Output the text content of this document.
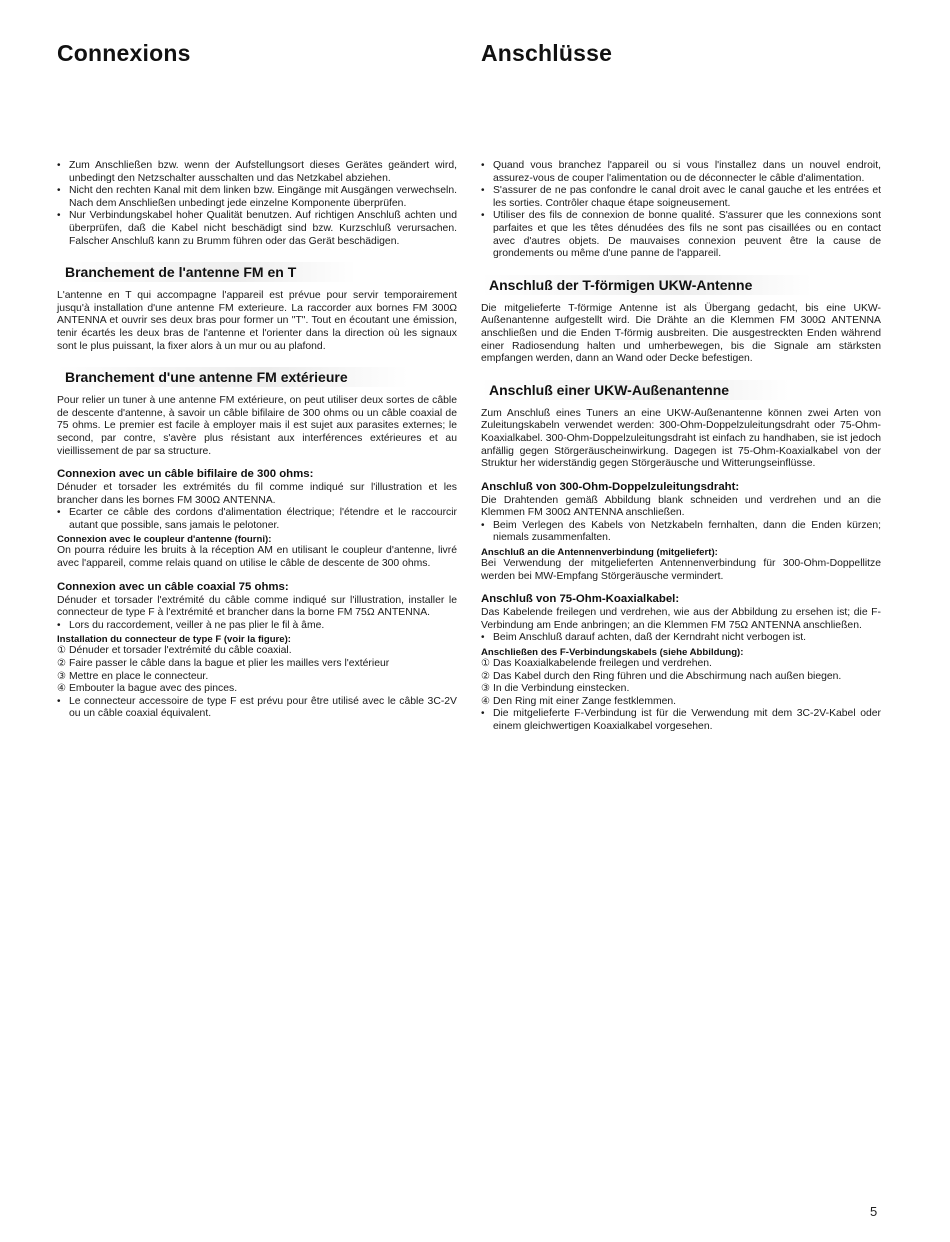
Connexions
• Zum Anschließen bzw. wenn der Aufstellungsort dieses Gerätes geändert wird, unbedingt den Netzschalter ausschalten und das Netzkabel abziehen.
• Nicht den rechten Kanal mit dem linken bzw. Eingänge mit Ausgängen verwechseln. Nach dem Anschließen unbedingt jede einzelne Komponente überprüfen.
• Nur Verbindungskabel hoher Qualität benutzen. Auf richtigen Anschluß achten und überprüfen, daß die Kabel nicht beschädigt sind bzw. Kurzschluß verursachen. Falscher Anschluß kann zu Brumm führen oder das Gerät beschädigen.
Branchement de l'antenne FM en T

L'antenne en T qui accompagne l'appareil est prévue pour servir temporairement jusqu'à installation d'une antenne FM exterieure. La raccorder aux bornes FM 300Ω ANTENNA et ouvrir ses deux bras pour former un "T". Tout en écoutant une émission, tenir écartés les deux bras de l'antenne et l'orienter dans la direction où les signaux sont le plus puissant, la fixer alors à un mur ou au plafond.

Branchement d'une antenne FM extérieure

Pour relier un tuner à une antenne FM extérieure, on peut utiliser deux sortes de câble de descente d'antenne, à savoir un câble bifilaire de 300 ohms ou un câble coaxial de 75 ohms. Le premier est facile à employer mais il est sujet aux parasites externes; le second, par contre, s'avère plus résistant aux interférences extérieures et au vieillissement de par sa structure.

Connexion avec un câble bifilaire de 300 ohms:

Dénuder et torsader les extrémités du fil comme indiqué sur l'illustration et les brancher dans les bornes FM 300Ω ANTENNA.

• Ecarter ce câble des cordons d'alimentation électrique; l'étendre et le raccourcir autant que possible, sans jamais le pelotoner.
Connexion avec le coupleur d'antenne (fourni):

On pourra réduire les bruits à la réception AM en utilisant le coupleur d'antenne, livré avec l'appareil, comme relais quand on utilise le câble de descente de 300 ohms.

Connexion avec un câble coaxial 75 ohms:

Dénuder et torsader l'extrémité du câble comme indiqué sur l'illustration, installer le connecteur de type F à l'extrémité et brancher dans la borne FM 75Ω ANTENNA.

• Lors du raccordement, veiller à ne pas plier le fil à âme.
Installation du connecteur de type F (voir la figure):
① Dénuder et torsader l'extrémité du câble coaxial.
② Faire passer le câble dans la bague et plier les mailles vers l'extérieur
③ Mettre en place le connecteur.
④ Embouter la bague avec des pinces.
• Le connecteur accessoire de type F est prévu pour être utilisé avec le câble 3C-2V ou un câble coaxial équivalent.
Anschlüsse
• Quand vous branchez l'appareil ou si vous l'installez dans un nouvel endroit, assurez-vous de couper l'alimentation ou de déconnecter le câble d'alimentation.
• S'assurer de ne pas confondre le canal droit avec le canal gauche et les entrées et les sorties. Contrôler chaque étape soigneusement.
• Utiliser des fils de connexion de bonne qualité. S'assurer que les connexions sont parfaites et que les têtes dénudées des fils ne sont pas cisaillées ou en contact avec d'autres objets. De mauvaises connexion peuvent être la cause de grondements ou même d'une panne de l'appareil.
Anschluß der T-förmigen UKW-Antenne

Die mitgelieferte T-förmige Antenne ist als Übergang gedacht, bis eine UKW-Außenantenne aufgestellt wird. Die Drähte an die Klemmen FM 300Ω ANTENNA anschließen und die Enden T-förmig ausbreiten. Die ausgestreckten Enden während einer Radiosendung halten und umherbewegen, bis die Signale am stärksten empfangen werden, dann an Wand oder Decke befestigen.

Anschluß einer UKW-Außenantenne

Zum Anschluß eines Tuners an eine UKW-Außenantenne können zwei Arten von Zuleitungskabeln verwendet werden: 300-Ohm-Doppelzuleitungsdraht oder 75-Ohm-Koaxialkabel. 300-Ohm-Doppelzuleitungsdraht ist einfach zu handhaben, sie ist jedoch anfällig gegen Störgeräuscheinwirkung. Dagegen ist 75-Ohm-Koaxialkabel von der Struktur her widerständig gegen Störgeräusche und Witterungseinflüsse.

Anschluß von 300-Ohm-Doppelzuleitungsdraht:

Die Drahtenden gemäß Abbildung blank schneiden und verdrehen und an die Klemmen FM 300Ω ANTENNA anschließen.

• Beim Verlegen des Kabels von Netzkabeln fernhalten, dann die Enden kürzen; niemals zusammenfalten.
Anschluß an die Antennenverbindung (mitgeliefert):

Bei Verwendung der mitgelieferten Antennenverbindung für 300-Ohm-Doppellitze werden bei MW-Empfang Störgeräusche vermindert.

Anschluß von 75-Ohm-Koaxialkabel:

Das Kabelende freilegen und verdrehen, wie aus der Abbildung zu ersehen ist; die F-Verbindung am Ende anbringen; an die Klemmen FM 75Ω ANTENNA anschließen.

• Beim Anschluß darauf achten, daß der Kerndraht nicht verbogen ist.
Anschließen des F-Verbindungskabels (siehe Abbildung):
① Das Koaxialkabelende freilegen und verdrehen.
② Das Kabel durch den Ring führen und die Abschirmung nach außen biegen.
③ In die Verbindung einstecken.
④ Den Ring mit einer Zange festklemmen.
• Die mitgelieferte F-Verbindung ist für die Verwendung mit dem 3C-2V-Kabel oder einem gleichwertigen Koaxialkabel vorgesehen.
5
